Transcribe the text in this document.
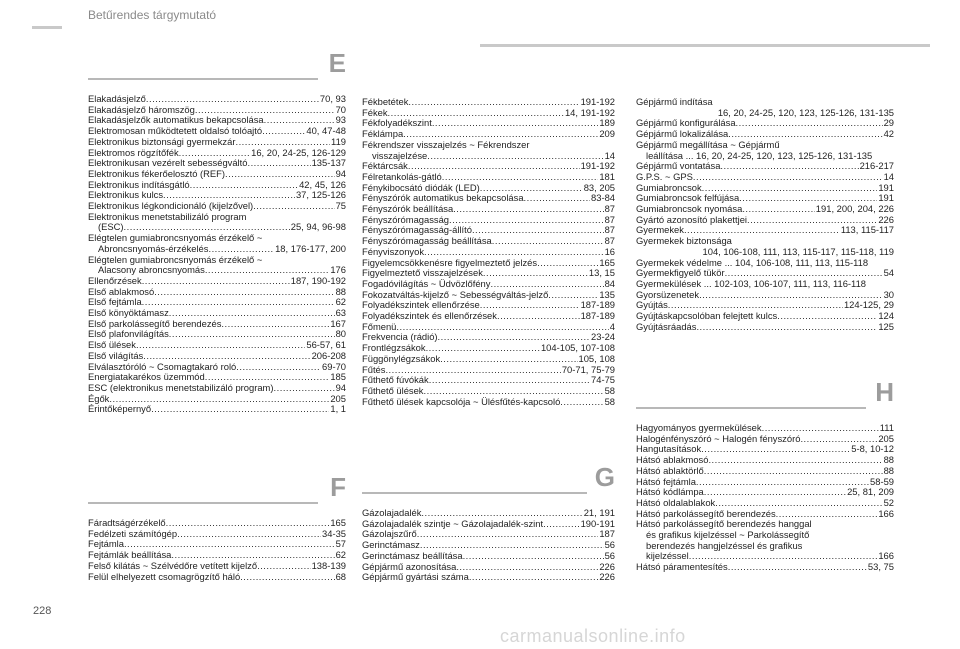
Betűrendes tárgymutató
E
Elakadásjelző .....	70, 93
Elakadásjelző háromszög .....	70
Elakadásjelzők automatikus bekapcsolása .....	93
Elektromosan működtetett oldalsó tolóajtó .....	40, 47-48
Elektronikus biztonsági gyermekzár .....	119
Elektromos rögzítőfék .....	16, 20, 24-25, 126-129
Elektronikusan vezérelt sebességváltó .....	135-137
Elektronikus fékerőelosztó (REF) .....	94
Elektronikus indításgátló .....	42, 45, 126
Elektronikus kulcs .....	37, 125-126
Elektronikus légkondicionáló (kijelzővel) .....	75
Elektronikus menetstabilizáló program
(ESC) .....	25, 94, 96-98
Elégtelen gumiabroncsnyomás érzékelő ~
Abroncsnyomás-érzékelés .....	18, 176-177, 200
Elégtelen gumiabroncsnyomás érzékelő ~
Alacsony abroncsnyomás .....	176
Ellenőrzések .....	187, 190-192
Első ablakmosó .....	88
Első fejtámla .....	62
Első könyöktámasz .....	63
Első parkolássegítő berendezés .....	167
Első plafonvilágítás .....	80
Első ülések .....	56-57, 61
Első világítás .....	206-208
Elválasztóróló ~ Csomagtakaró roló .....	69-70
Energiatakarékos üzemmód .....	185
ESC (elektronikus menetstabilizáló program) .....	94
Égők .....	205
Érintőképernyő .....	1, 1
F
Fáradtságérzékelő .....	165
Fedélzeti számítógép .....	34-35
Fejtámla .....	57
Fejtámlák beállítása .....	62
Felső kilátás ~ Szélvédőre vetített kijelző .....	138-139
Felül elhelyezett csomagrögzítő háló .....	68
Fékbetétek .....	191-192
Fékek .....	14, 191-192
Fékfolyadékszint .....	189
Féklámpa .....	209
Fékrendszer visszajelzés ~ Fékrendszer
visszajelzése .....	14
Féktárcsák .....	191-192
Félretankolás-gátló .....	181
Fénykibocsátó diódák (LED) .....	83, 205
Fényszórók automatikus bekapcsolása .....	83-84
Fényszórók beállítása .....	87
Fényszórómagasság .....	87
Fényszórómagasság-állító .....	87
Fényszórómagasság beállítása .....	87
Fényviszonyok .....	16
Figyelemcsökkenésre figyelmeztető jelzés .....	165
Figyelmeztető visszajelzések .....	13, 15
Fogadóvilágítás ~ Üdvözlőfény .....	84
Fokozatváltás-kijelző ~ Sebességváltás-jelző .....	135
Folyadékszintek ellenőrzése .....	187-189
Folyadékszintek és ellenőrzések .....	187-189
Főmenü .....	4
Frekvencia (rádió) .....	23-24
Frontlégzsákok .....	104-105, 107-108
Függönylégzsákok .....	105, 108
Fűtés .....	70-71, 75-79
Fűthető fúvókák .....	74-75
Fűthető ülések .....	58
Fűthető ülések kapcsolója ~ Ülésfűtés-kapcsoló .....	58
G
Gázolajadalék .....	21, 191
Gázolajadalék szintje ~ Gázolajadalék-szint .....	190-191
Gázolajszűrő .....	187
Gerinctámasz .....	56
Gerinctámasz beállítása .....	56
Gépjármű azonosítása .....	226
Gépjármű gyártási száma .....	226
Gépjármű indítása
16, 20, 24-25, 120, 123, 125-126, 131-135
Gépjármű konfigurálása .....	29
Gépjármű lokalizálása .....	42
Gépjármű megállítása ~ Gépjármű
leállítása ... 16, 20, 24-25, 120, 123, 125-126, 131-135
Gépjármű vontatása .....	216-217
G.P.S. ~ GPS .....	14
Gumiabroncsok .....	191
Gumiabroncsok felfújása .....	191
Gumiabroncsok nyomása .....	191, 200, 204, 226
Gyártó azonosító plakettjei .....	226
Gyermekek .....	113, 115-117
Gyermekek biztonsága
104, 106-108, 111, 113, 115-117, 115-118, 119
Gyermekek védelme ... 104, 106-108, 111, 113, 115-118
Gyermekfigyelő tükör .....	54
Gyermekülések ... 102-103, 106-107, 111, 113, 116-118
Gyorsüzenetek .....	30
Gyújtás .....	124-125, 29
Gyújtáskapcsolóban felejtett kulcs .....	124
Gyújtásráadás .....	125
H
Hagyományos gyermekülések .....	111
Halogénfényszóró ~ Halogén fényszóró .....	205
Hangutasítások .....	5-8, 10-12
Hátsó ablakmosó .....	88
Hátsó ablaktörlő .....	88
Hátsó fejtámla .....	58-59
Hátsó kódlámpa .....	25, 81, 209
Hátsó oldalablakok .....	52
Hátsó parkolássegítő berendezés .....	166
Hátsó parkolássegítő berendezés hanggal
és grafikus kijelzéssel ~ Parkolássegítő
berendezés hangjelzéssel és grafikus
kijelzéssel .....	166
Hátsó páramentesítés .....	53, 75
228
carmanualsonline.info
